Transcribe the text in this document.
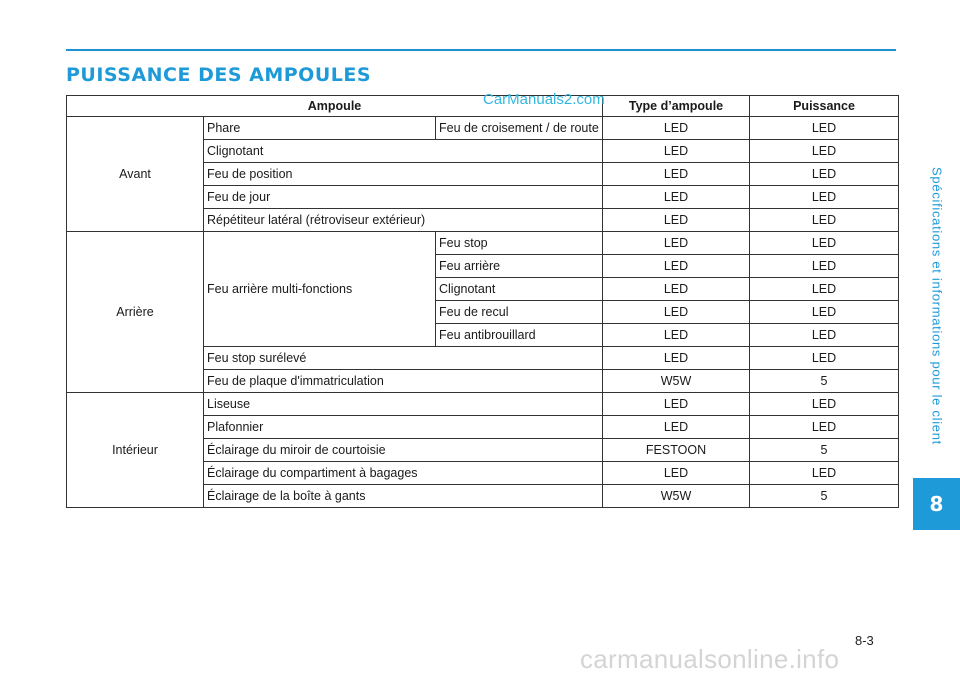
PUISSANCE DES AMPOULES
CarManuals2.com
Ampoule			Type d’ampoule	Puissance
Avant	Phare	Feu de croisement / de route	LED	LED
	Clignotant		LED	LED
	Feu de position		LED	LED
	Feu de jour		LED	LED
	Répétiteur latéral (rétroviseur extérieur)		LED	LED
Arrière	Feu arrière multi-fonctions	Feu stop	LED	LED
		Feu arrière	LED	LED
		Clignotant	LED	LED
		Feu de recul	LED	LED
		Feu antibrouillard	LED	LED
	Feu stop surélevé		LED	LED
	Feu de plaque d'immatriculation		W5W	5
Intérieur	Liseuse		LED	LED
	Plafonnier		LED	LED
	Éclairage du miroir de courtoisie		FESTOON	5
	Éclairage du compartiment à bagages		LED	LED
	Éclairage de la boîte à gants		W5W	5
Spécifications et informations pour le client
8
8-3
carmanualsonline.info
